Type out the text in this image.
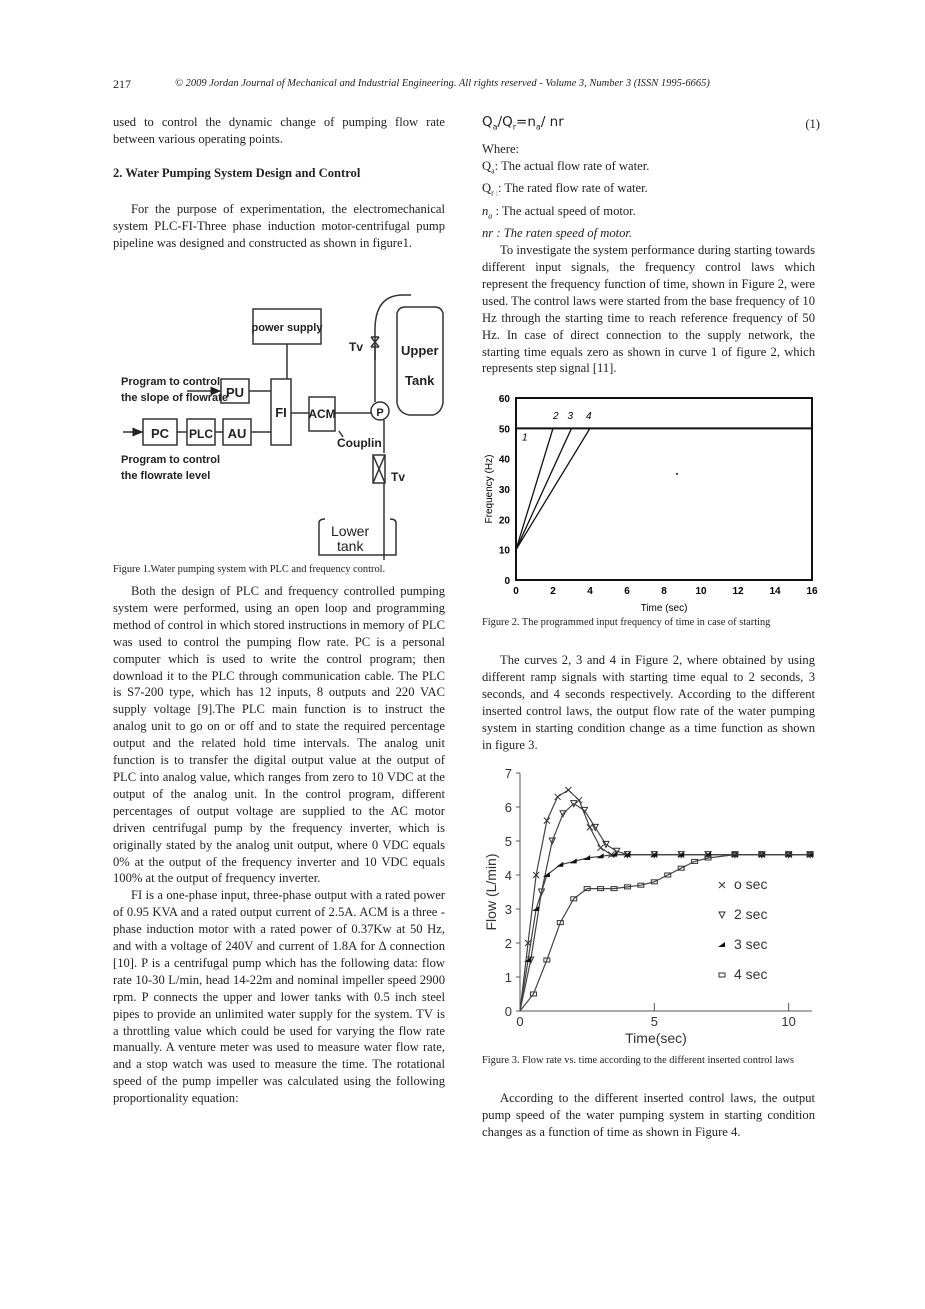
217	© 2009 Jordan Journal of Mechanical and Industrial Engineering. All rights reserved - Volume 3, Number 3 (ISSN 1995-6665)

used to control the dynamic change of pumping flow rate between various operating points.

2. Water Pumping System Design and Control

For the purpose of experimentation, the electromechanical system PLC-FI-Three phase induction motor-centrifugal pump pipeline was designed and constructed as shown in figure1.

power supply
PU
PC PLC AU
FI ACM	P
Tv	Upper
Tank
Couplin
Tv
Lower
tank
Program to control
the slope of flowrate
Program to control
the flowrate level
Figure 1.Water pumping system with PLC and frequency control.

Both the design of PLC and frequency controlled pumping system were performed, using an open loop and programming method of control in which stored instructions in memory of PLC was used to control the pumping flow rate. PC is a personal computer which is used to write the control program; then download it to the PLC through communication cable. The PLC is S7-200 type, which has 12 inputs, 8 outputs and 220 VAC supply voltage [9].The PLC main function is to instruct the analog unit to go on or off and to state the required percentage output and the related hold time intervals. The analog unit function is to transfer the digital output value at the output of PLC into analog value, which ranges from zero to 10 VDC at the output of the analog unit. In the control program, different percentages of output voltage are supplied to the AC motor driven centrifugal pump by the frequency inverter, which is originally stated by the analog unit output, where 0 VDC equals 0% at the output of the frequency inverter and 10 VDC equals 100% at the output of frequency inverter.

FI is a one-phase input, three-phase output with a rated power of 0.95 KVA and a rated output current of 2.5A. ACM is a three -phase induction motor with a rated power of 0.37Kw at 50 Hz, and with a voltage of 240V and current of 1.8A for Δ connection [10]. P is a centrifugal pump which has the following data: flow rate 10-30 L/min, head 14-22m and nominal impeller speed 2900 rpm. P connects the upper and lower tanks with 0.5 inch steel pipes to provide an unlimited water supply for the system. TV is a throttling value which could be used for varying the flow rate manually. A venture meter was used to measure water flow rate, and a stop watch was used to measure the time. The rotational speed of the pump impeller was calculated using the following proportionality equation:

$Q_a/Q_r=n_a/$ nr	(1)

Where:

$Q_a$: The actual flow rate of water.

$Q_{r :}$: The rated flow rate of water.

$n_a$ : The actual speed of motor.

nr : The raten speed of motor.

To investigate the system performance during starting towards different input signals, the frequency control laws which represent the frequency function of time, shown in Figure 2, were used. The control laws were started from the base frequency of 10 Hz through the starting time to reach reference frequency of 50 Hz. In case of direct connection to the supply network, the starting time equals zero as shown in curve 1 of figure 2, which represents step signal [11].

0
10
20
30
40
50
60
0	2	4	6	8	10	12	14	16
Time (sec)
Frequency (Hz)
1
2 3 4
Figure 2. The programmed input frequency of time in case of starting

The curves 2, 3 and 4 in Figure 2, where obtained by using different ramp signals with starting time equal to 2 seconds, 3 seconds, and 4 seconds respectively. According to the different inserted control laws, the output flow rate of the water pumping system in starting condition change as a time function as shown in figure 3.

0
1
2
3
4
5
6
7
0	5	10
Time(sec)
Flow (L/min)	o sec
2 sec
3 sec
4 sec
Figure 3. Flow rate vs. time according to the different inserted control laws

According to the different inserted control laws, the output pump speed of the water pumping system in starting condition changes as a function of time as shown in Figure 4.
